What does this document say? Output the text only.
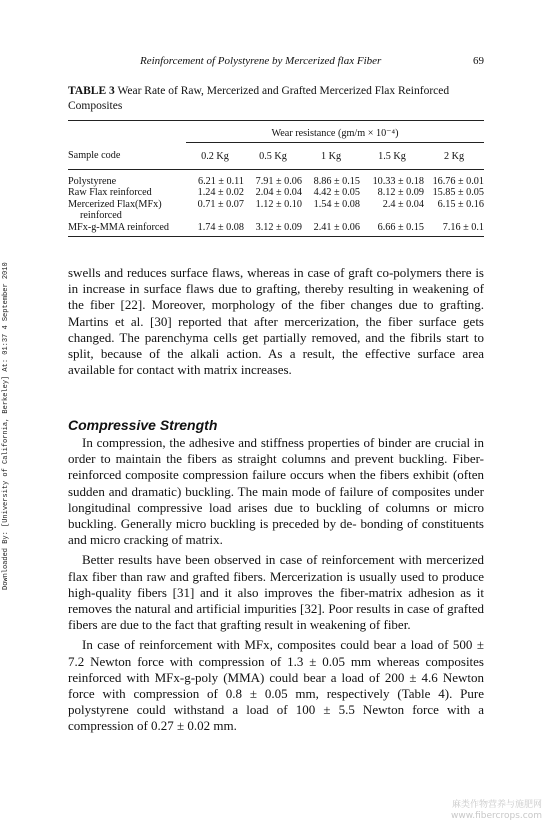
Reinforcement of Polystyrene by Mercerized flax Fiber	69
TABLE 3 Wear Rate of Raw, Mercerized and Grafted Mercerized Flax Reinforced Composites

	Wear resistance (gm/m × 10⁻⁴)				
Sample code	0.2 Kg	0.5 Kg	1 Kg	1.5 Kg	2 Kg

Polystyrene	6.21 ± 0.11	7.91 ± 0.06	8.86 ± 0.15	10.33 ± 0.18	16.76 ± 0.01
Raw Flax reinforced	1.24 ± 0.02	2.04 ± 0.04	4.42 ± 0.05	8.12 ± 0.09	15.85 ± 0.05
Mercerized Flax(MFx)	0.71 ± 0.07	1.12 ± 0.10	1.54 ± 0.08	2.4 ± 0.04	6.15 ± 0.16
reinforced					
MFx-g-MMA reinforced	1.74 ± 0.08	3.12 ± 0.09	2.41 ± 0.06	6.66 ± 0.15	7.16 ± 0.1

Downloaded By: [University of California, Berkeley] At: 01:37 4 September 2010	swells and reduces surface flaws, whereas in case of graft co-polymers there is in increase in surface flaws due to grafting, thereby resulting in weakening of the fiber [22]. Moreover, morphology of the fiber changes due to grafting. Martins et al. [30] reported that after mercerization, the fiber surface gets changed. The parenchyma cells get partially removed, and the fibrils start to split, because of the alkali action. As a result, the effective surface area available for contact with matrix increases.

Compressive Strength

In compression, the adhesive and stiffness properties of binder are crucial in order to maintain the fibers as straight columns and prevent buckling. Fiber-reinforced composite compression failure occurs when the fibers exhibit (often sudden and dramatic) buckling. The main mode of failure of composites under longitudinal compressive load arises due to buckling of columns or micro buckling. Generally micro buckling is preceded by de- bonding of constituents and micro cracking of matrix.

Better results have been observed in case of reinforcement with mercerized flax fiber than raw and grafted fibers. Mercerization is usually used to produce high-quality fibers [31] and it also improves the fiber-matrix adhesion as it removes the natural and artificial impurities [32]. Poor results in case of grafted fibers are due to the fact that grafting result in weakening of fiber.

In case of reinforcement with MFx, composites could bear a load of 500 ± 7.2 Newton force with compression of 1.3 ± 0.05 mm whereas composites reinforced with MFx-g-poly (MMA) could bear a load of 200 ± 4.6 Newton force with compression of 0.8 ± 0.05 mm, respectively (Table 4). Pure polystyrene could withstand a load of 100 ± 5.5 Newton force with a compression of 0.27 ± 0.02 mm.

麻类作物营养与施肥网
www.fibercrops.com
